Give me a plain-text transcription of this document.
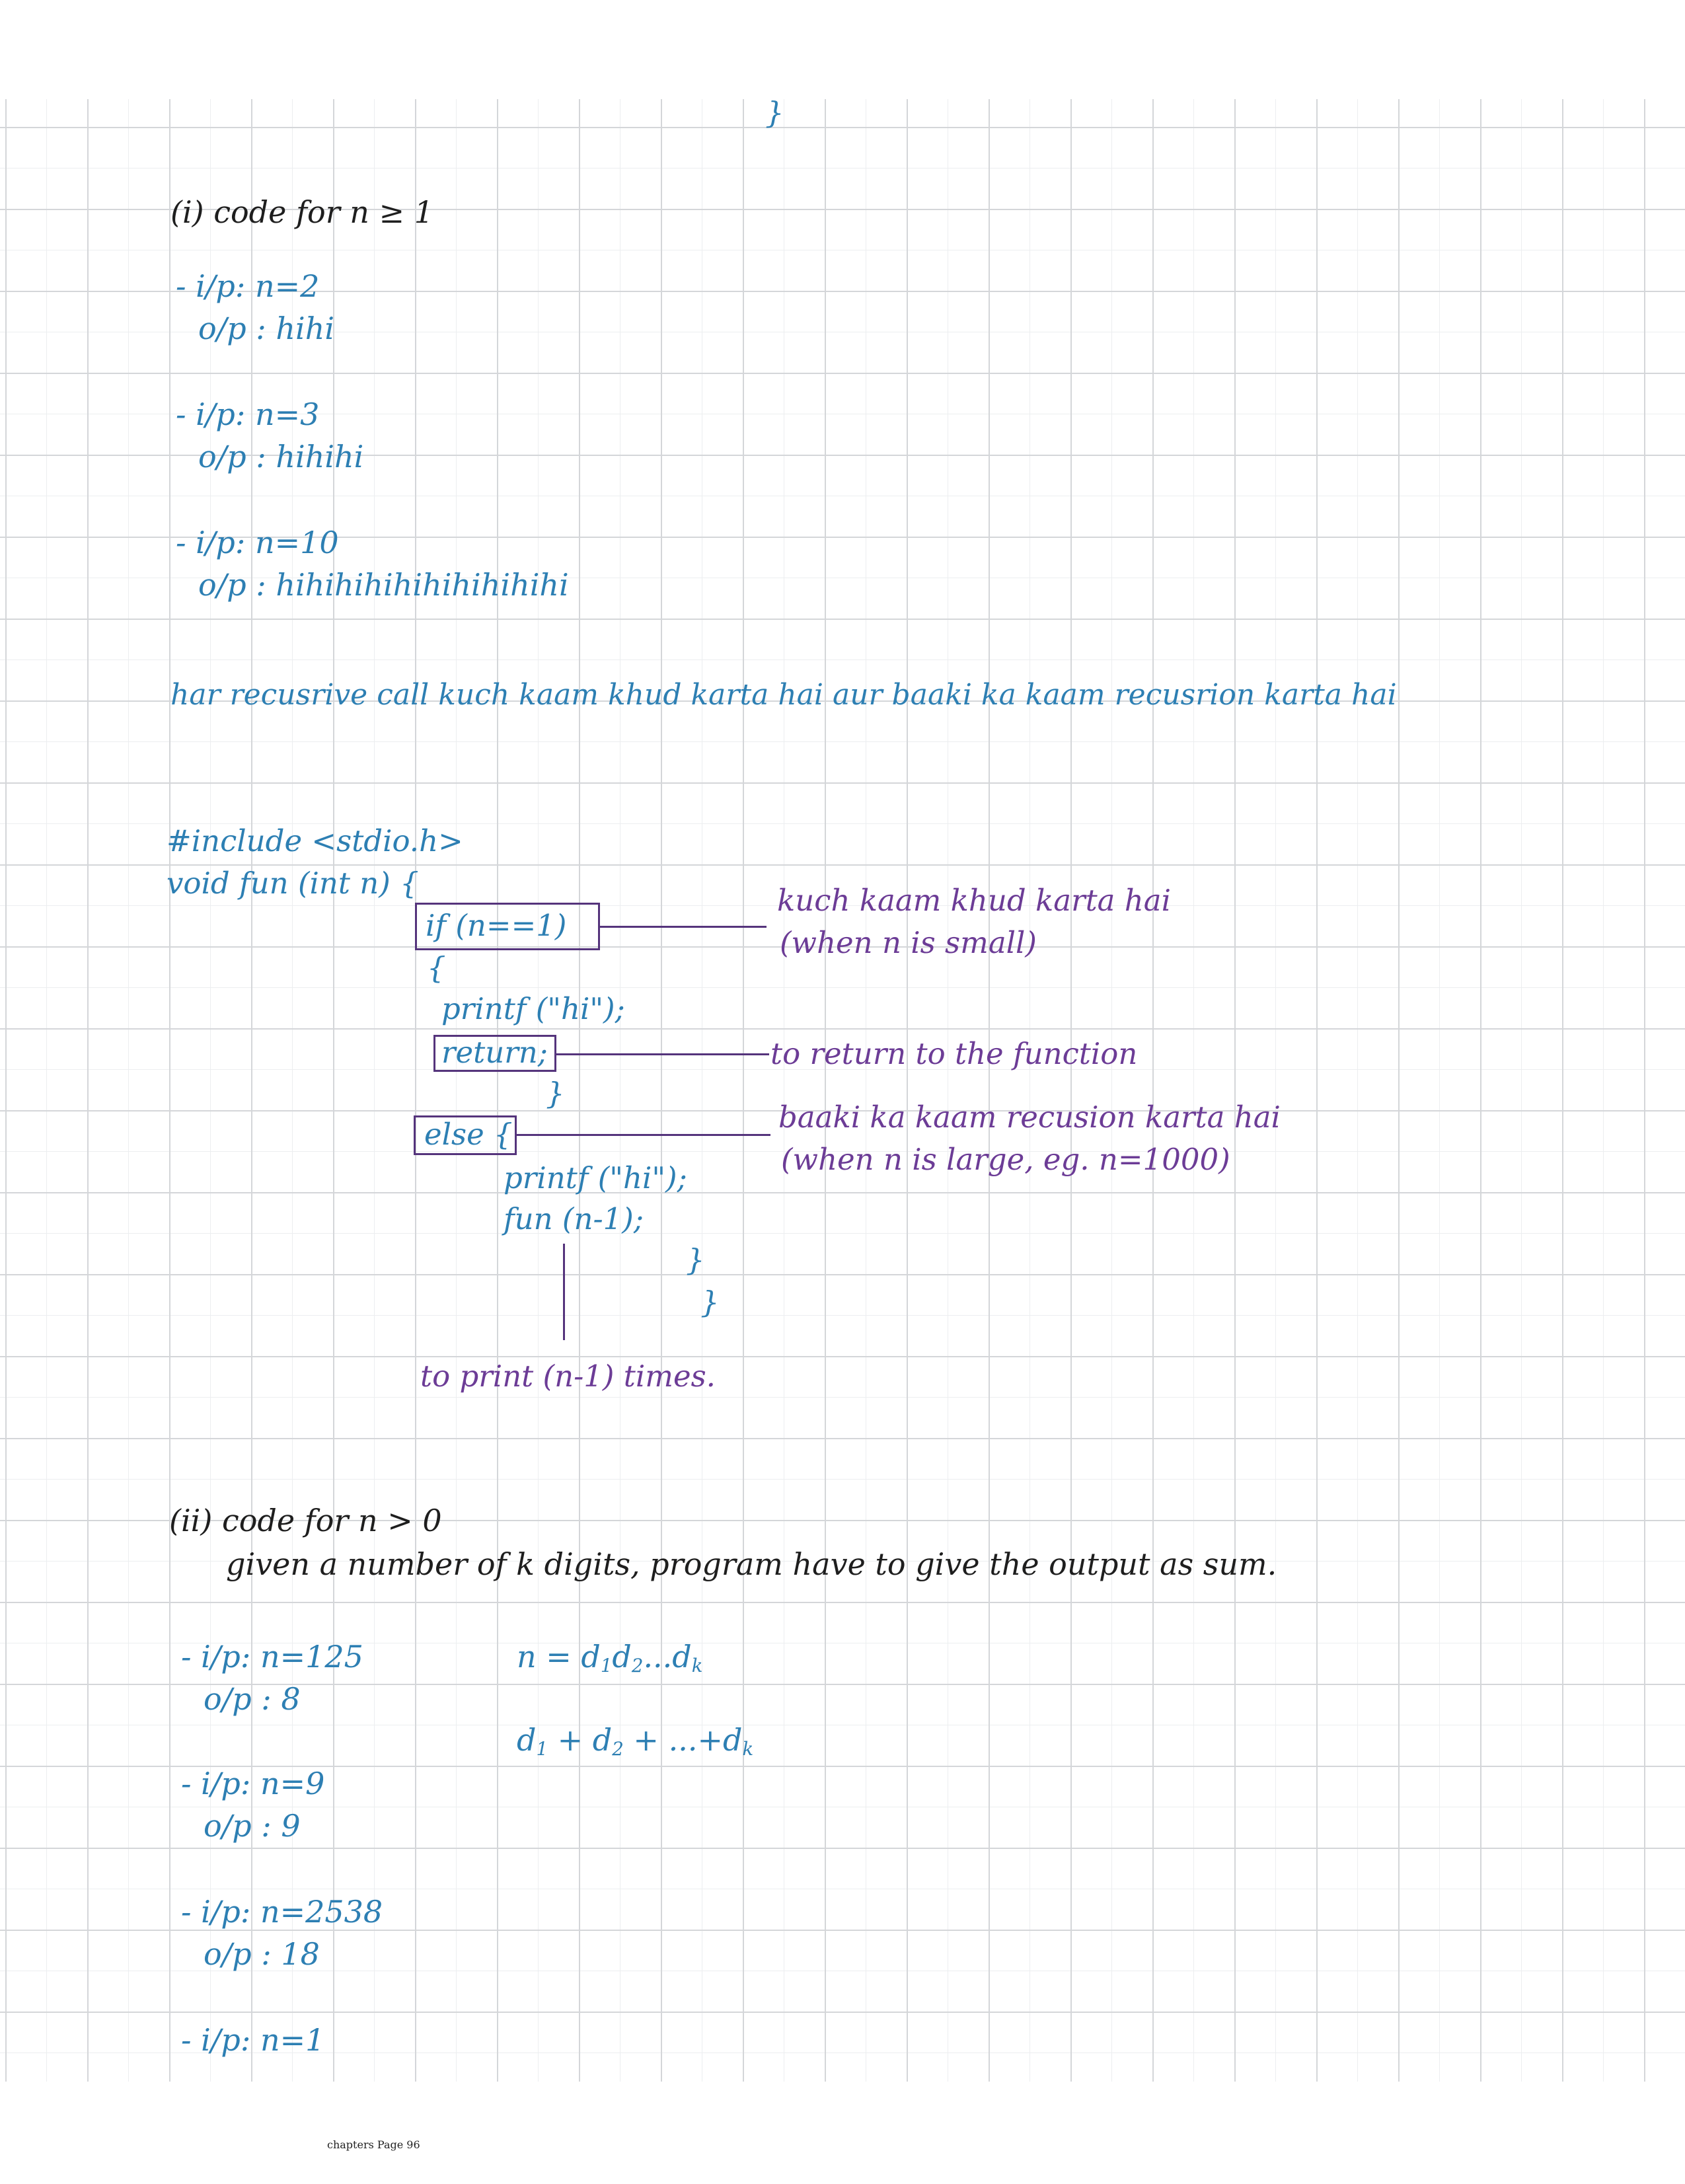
}
(i) code for n ≥ 1
- i/p: n=2
o/p : hihi
- i/p: n=3
o/p : hihihi
- i/p: n=10
o/p : hihihihihihihihihihi
har recusrive call kuch kaam khud karta hai aur baaki ka kaam recusrion karta hai
#include <stdio.h>
void fun (int n) {
if (n==1)
{
printf ("hi");
return;
}
else {
printf ("hi");
fun (n-1);
}
}
kuch kaam khud karta hai
(when n is small)
to return to the function
baaki ka kaam recusion karta hai
(when n is large, eg. n=1000)
to print (n-1) times.
(ii) code for n > 0
given a number of k digits, program have to give the output as sum.
- i/p: n=125
o/p : 8
- i/p: n=9
o/p : 9
- i/p: n=2538
o/p : 18
- i/p: n=1
$n = d_1d_2...d_k$
$d_1 + d_2 + ...+d_k$
chapters Page 96
